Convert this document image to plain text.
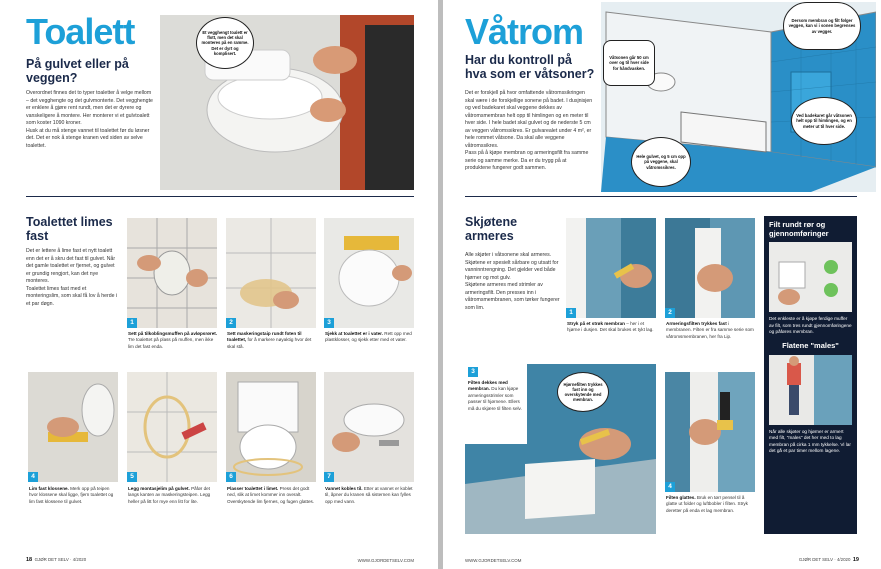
Toalett
På gulvet eller på veggen?
Overordnet finnes det to typer toaletter å velge mellom – det vegghengte og det gulvmonterte. Det vegghengte er enklere å gjøre rent rundt, men det er dyrere og vanskeligere å montere. Her monterer vi et gulvtoalett som koster 1090 kroner.
Husk at du må stenge vannet til toalettet før du løsner det. Det er nok å stenge kranen ved siden av selve toalettet.
Et vegghengt toalett er flott, men det skal monteres på en ramme. Det er dyrt og komplisert.
Toalettet limes fast
Det er lettere å lime fast et nytt toalett enn det er å skru det fast til gulvet. Når det gamle toalettet er fjernet, og gulvet er grundig rengjort, kan det nye monteres.
Toalettet limes fast med et monteringslim, som skal få lov å herde i et par døgn.
1	2	3
Sett på tilkoblingsmuffen på avløpsrøret. Tre toalettet på plass på muffen, men ikke lim det fast enda.
Sett maskeringstaip rundt foten til toalettet, for å markere nøyaktig hvor det skal stå.
Sjekk at toalettet er i vater. Rett opp med plastklosser, og sjekk etter med et vater.
4	5	6	7
Lim fast klossene. Merk opp på teipen hvor klossene skal ligge, fjern toalettet og lim fast klossene til gulvet.
Legg montasjelim på gulvet. Påfør det langs kanten av maskeringsteipen. Legg heller på litt for mye enn litt for lite.
Plasser toalettet i limet. Press det godt ned, slik at limet kommer inn overalt. Overskytende lim fjernes, og fugen glattes.
Vannet kobles til. Etter at vannet er koblet til, åpner du kranen så sisternen kan fylles opp med vann.
18 GJØR DET SELV · 4/2020	WWW.GJORDETSELV.COM
Våtrom
Har du kontroll på hva som er våtsoner?
Det er forskjell på hvor omfattende våtromssikringen skal være i de forskjellige sonene på badet. I dusjnisjen og ved badekaret skal veggene dekkes av våtromsmembran helt opp til himlingen og en meter til hver side. I hele badet skal gulvet og de nederste 5 cm av veggen våtromssikres. Er gulvarealet under 4 m², er hele rommet våtsone. Da skal alle veggene våtromssikres.
Pass på å kjøpe membran og armeringsfilt fra samme serie og samme merke. Da er du trygg på at produktene fungerer godt sammen.
Dersom membran og filt følger veggen, kan vi i sonen begrenses av vegger.
Våtsonen går 50 cm over og til hver side for håndvasken.
Ved badekaret går våtsonen helt opp til himlingen, og en meter ut til hver side.
Hele gulvet, og 5 cm opp på veggene, skal våtromssikres.
Skjøtene armeres
Alle skjøter i våtsonene skal armeres. Skjøtene er spesielt sårbare og utsatt for vanninntrengning. Det gjelder ved både hjørner og mot gulv.
Skjøtene armeres med strimler av armeringsfilt. Den presses inn i våtromsmembranen, som tørker fungerer som lim.
1	2
Stryk på et strøk membran – her i et hjørne i dusjen. Det skal brukes et tykt lag.
Armeringsfilten trykkes fast i membranen. Filten er fra samme serie som våtromsmembranen, her fra Lip.
3
Filten dekkes med membran. Du kan kjøpe armeringsstrimler som passer til hjørnene. Ellers må du skjære til filten selv.
Hjørnefilten trykkes fast inn og overskytende med membran.
4
Filten glattes. Bruk en tørr pensel til å glatte ut folder og luftbobler i filten. Stryk deretter på enda et lag membran.
Filt rundt rør og gjennomføringer
Det enkleste er å kjøpe ferdige muffer av filt, som tres rundt gjennomføringene og påføres membran.
Flatene "males"
Når alle skjøter og hjørner er armert med filt, "males" det her med to lag membran på cirka 1 mm tykkelse. Vi lar det gå et par timer mellom lagene.
WWW.GJORDETSELV.COM	GJØR DET SELV · 4/2020 19
